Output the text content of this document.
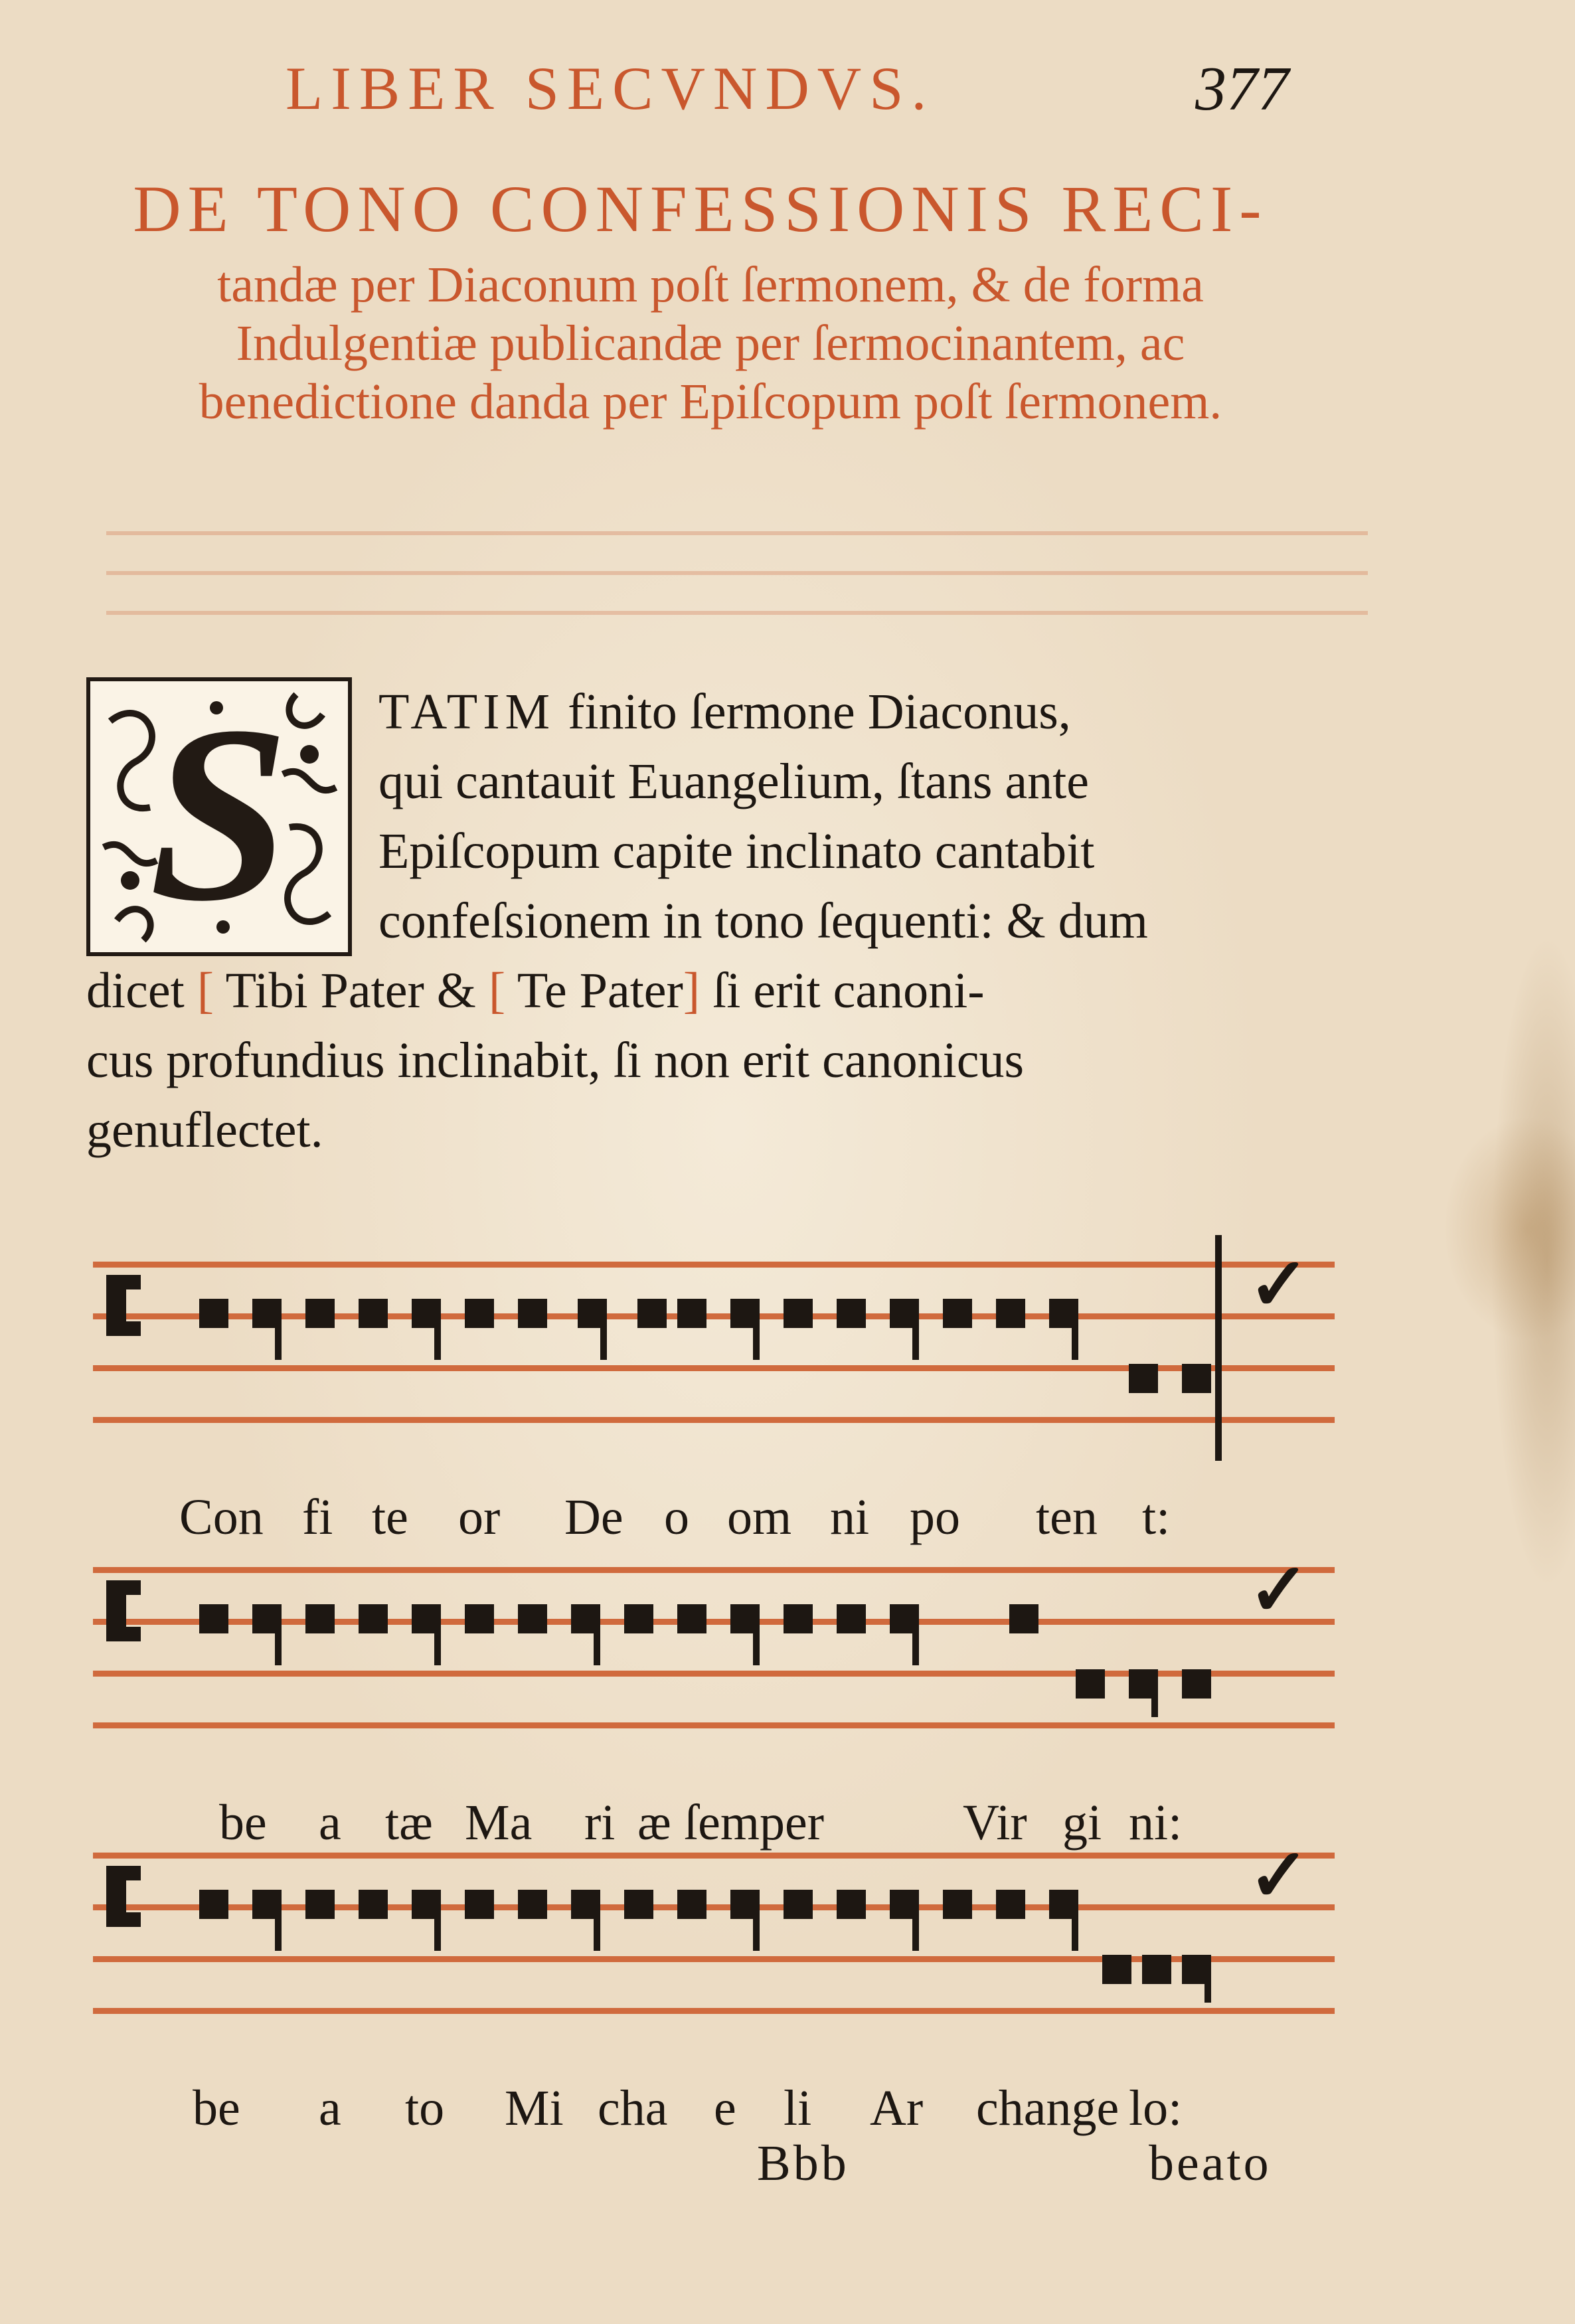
LIBER SECVNDVS.	377
DE TONO CONFESSIONIS RECI-
tandæ per Diaconum poſt ſermonem, & de forma Indulgentiæ publicandæ per ſermocinantem, ac benedictione danda per Epiſcopum poſt ſermonem.
S	TATIM finito ſermone Diaconus,
qui cantauit Euangelium, ſtans ante
Epiſcopum capite inclinato cantabit
confeſsionem in tono ſequenti: & dum
dicet [ Tibi Pater & [ Te Pater] ſi erit canoni-
cus profundius inclinabit, ſi non erit canonicus
genuflectet.
✓
Con fi te or De o om ni po ten t:
✓
be a tæ Ma ri æ ſemper	Vir gi ni:
✓
be a to Mi cha e li Ar change lo:
Bbb	beato
